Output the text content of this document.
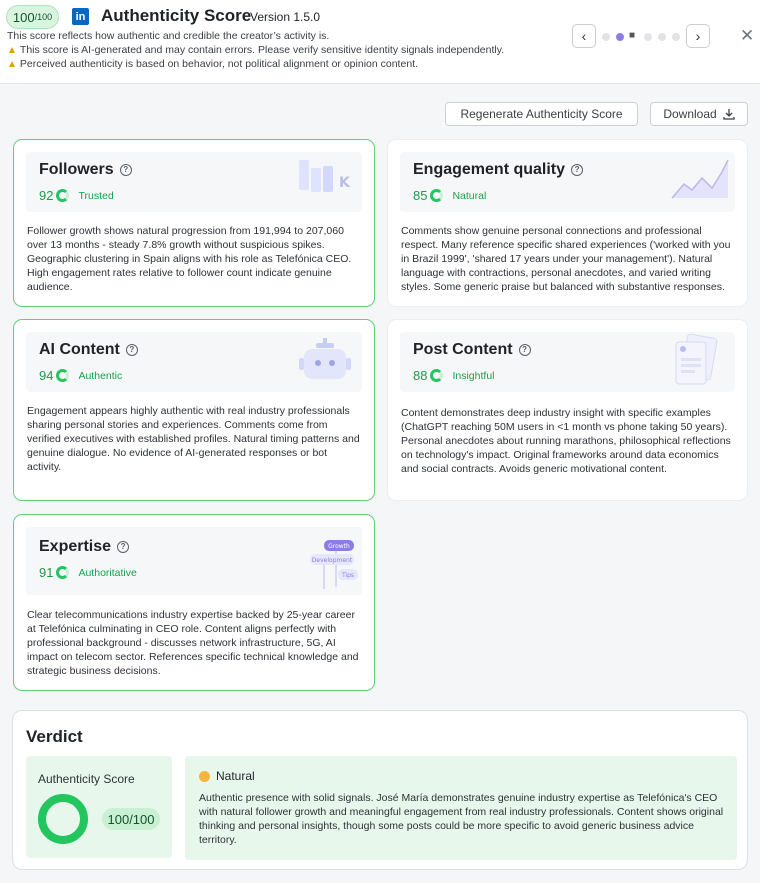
100 /100	in Authenticity Score
Version 1.5.0
This score reflects how authentic and credible the creator’s activity is.
▲ This score is AI-generated and may contain errors. Please verify sensitive identity signals independently.
▲ Perceived authenticity is based on behavior, not political alignment or opinion content.
‹	■	› ✕
Regenerate Authenticity Score	Download
Followers ?
92 Trusted
K
Follower growth shows natural progression from 191,994 to 207,060 over 13 months - steady 7.8% growth without suspicious spikes. Geographic clustering in Spain aligns with his role as Telefónica CEO. High engagement rates relative to follower count indicate genuine audience.
Engagement quality ?
85 Natural
Comments show genuine personal connections and professional respect. Many reference specific shared experiences ('worked with you in Brazil 1999', 'shared 17 years under your management'). Natural language with contractions, personal anecdotes, and varied writing styles. Some generic praise but balanced with substantive responses.
AI Content ?
94 Authentic
Engagement appears highly authentic with real industry professionals sharing personal stories and experiences. Comments come from verified executives with established profiles. Natural timing patterns and genuine dialogue. No evidence of AI-generated responses or bot activity.
Post Content ?
88 Insightful
Content demonstrates deep industry insight with specific examples (ChatGPT reaching 50M users in <1 month vs phone taking 50 years). Personal anecdotes about running marathons, philosophical reflections on technology's impact. Original frameworks around data economics and social contracts. Avoids generic motivational content.
Expertise ?
91 Authoritative
Growth
Development
Tips
Clear telecommunications industry expertise backed by 25-year career at Telefónica culminating in CEO role. Content aligns perfectly with professional background - discusses network infrastructure, 5G, AI impact on telecom sector. References specific technical knowledge and strategic business decisions.
Verdict
Authenticity Score
100/100
Natural
Authentic presence with solid signals. José María demonstrates genuine industry expertise as Telefónica's CEO with natural follower growth and meaningful engagement from real industry professionals. Content shows original thinking and personal insights, though some posts could be more specific to avoid generic business advice territory.
